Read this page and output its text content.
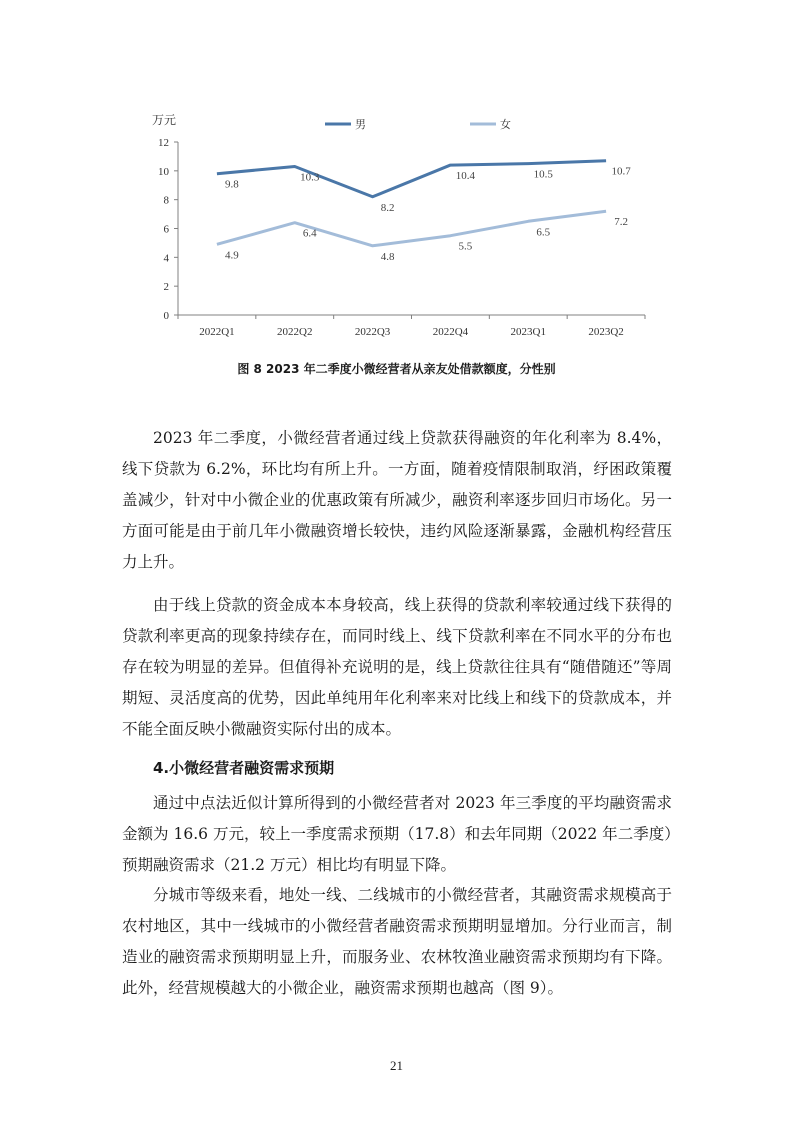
0
2
4
6
8
10
12
万元
2022Q1	2022Q2	2022Q3	2022Q4	2023Q1	2023Q2
男	女
9.8
10.3
8.2
10.4	10.5	10.7
4.9
6.4
4.8
5.5
6.5
7.2
图 8 2023 年二季度小微经营者从亲友处借款额度，分性别

2023 年二季度，小微经营者通过线上贷款获得融资的年化利率为 8.4%，线下贷款为 6.2%，环比均有所上升。一方面，随着疫情限制取消，纾困政策覆盖减少，针对中小微企业的优惠政策有所减少，融资利率逐步回归市场化。另一方面可能是由于前几年小微融资增长较快，违约风险逐渐暴露，金融机构经营压力上升。

由于线上贷款的资金成本本身较高，线上获得的贷款利率较通过线下获得的贷款利率更高的现象持续存在，而同时线上、线下贷款利率在不同水平的分布也存在较为明显的差异。但值得补充说明的是，线上贷款往往具有“随借随还”等周期短、灵活度高的优势，因此单纯用年化利率来对比线上和线下的贷款成本，并不能全面反映小微融资实际付出的成本。

4.小微经营者融资需求预期

通过中点法近似计算所得到的小微经营者对 2023 年三季度的平均融资需求金额为 16.6 万元，较上一季度需求预期（17.8）和去年同期（2022 年二季度）预期融资需求（21.2 万元）相比均有明显下降。

分城市等级来看，地处一线、二线城市的小微经营者，其融资需求规模高于农村地区，其中一线城市的小微经营者融资需求预期明显增加。分行业而言，制造业的融资需求预期明显上升，而服务业、农林牧渔业融资需求预期均有下降。此外，经营规模越大的小微企业，融资需求预期也越高（图 9）。

21
